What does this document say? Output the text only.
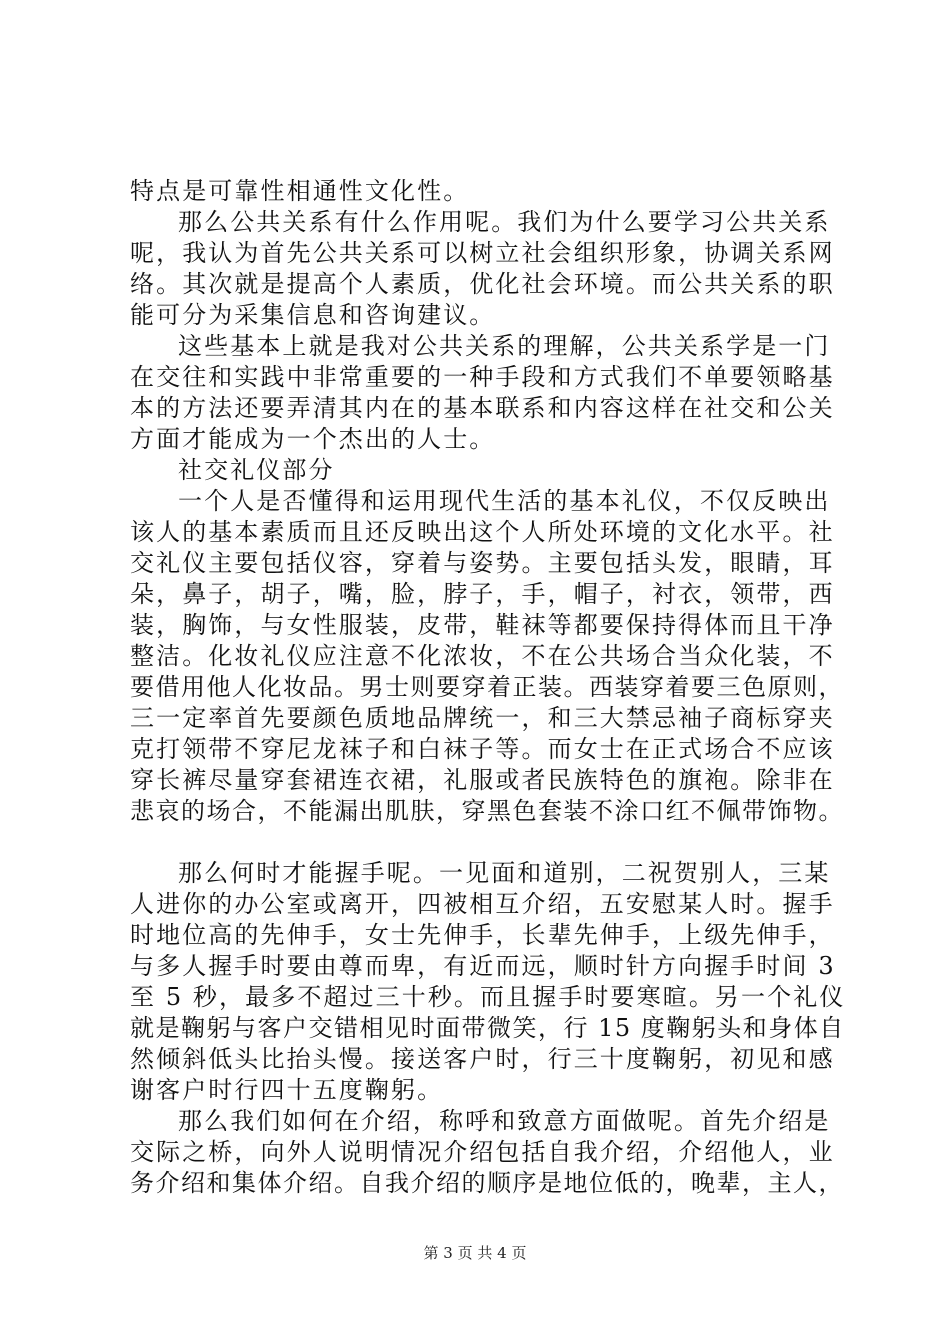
特点是可靠性相通性文化性。
那么公共关系有什么作用呢。我们为什么要学习公共关系
呢，我认为首先公共关系可以树立社会组织形象，协调关系网
络。其次就是提高个人素质，优化社会环境。而公共关系的职
能可分为采集信息和咨询建议。
这些基本上就是我对公共关系的理解，公共关系学是一门
在交往和实践中非常重要的一种手段和方式我们不单要领略基
本的方法还要弄清其内在的基本联系和内容这样在社交和公关
方面才能成为一个杰出的人士。
社交礼仪部分
一个人是否懂得和运用现代生活的基本礼仪，不仅反映出
该人的基本素质而且还反映出这个人所处环境的文化水平。社
交礼仪主要包括仪容，穿着与姿势。主要包括头发，眼睛，耳
朵，鼻子，胡子，嘴，脸，脖子，手，帽子，衬衣，领带，西
装，胸饰，与女性服装，皮带，鞋袜等都要保持得体而且干净
整洁。化妆礼仪应注意不化浓妆，不在公共场合当众化装，不
要借用他人化妆品。男士则要穿着正装。西装穿着要三色原则，
三一定率首先要颜色质地品牌统一，和三大禁忌袖子商标穿夹
克打领带不穿尼龙袜子和白袜子等。而女士在正式场合不应该
穿长裤尽量穿套裙连衣裙，礼服或者民族特色的旗袍。除非在
悲哀的场合，不能漏出肌肤，穿黑色套装不涂口红不佩带饰物。
那么何时才能握手呢。一见面和道别，二祝贺别人，三某
人进你的办公室或离开，四被相互介绍，五安慰某人时。握手
时地位高的先伸手，女士先伸手，长辈先伸手，上级先伸手，
与多人握手时要由尊而卑，有近而远，顺时针方向握手时间 3
至 5 秒，最多不超过三十秒。而且握手时要寒暄。另一个礼仪
就是鞠躬与客户交错相见时面带微笑，行 15 度鞠躬头和身体自
然倾斜低头比抬头慢。接送客户时，行三十度鞠躬，初见和感
谢客户时行四十五度鞠躬。
那么我们如何在介绍，称呼和致意方面做呢。首先介绍是
交际之桥，向外人说明情况介绍包括自我介绍，介绍他人，业
务介绍和集体介绍。自我介绍的顺序是地位低的，晚辈，主人，
第 3 页 共 4 页
